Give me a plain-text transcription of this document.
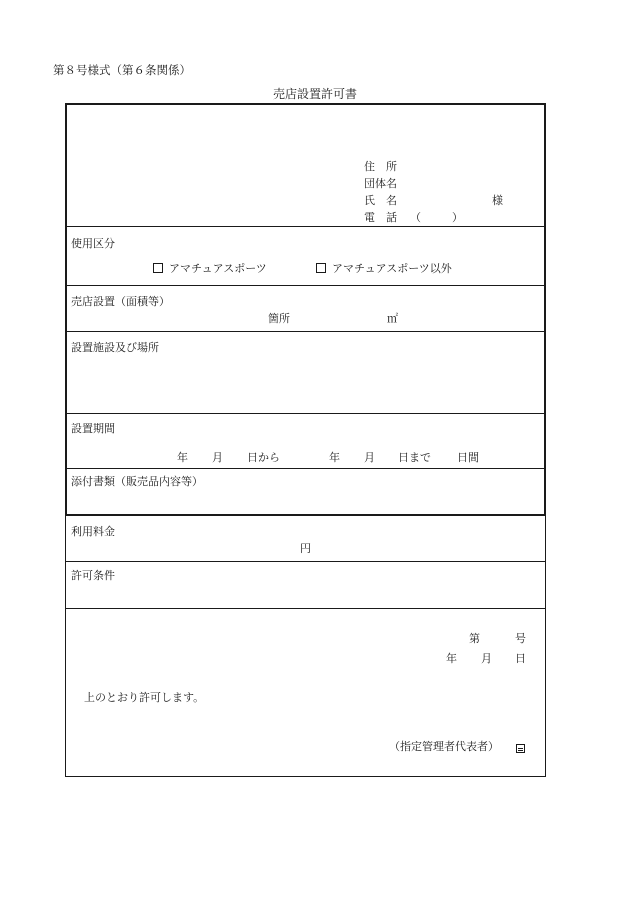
第８号様式（第６条関係）
売店設置許可書
住　所
団体名
氏　名	様
電　話 （	）
使用区分
アマチュアスポーツ	アマチュアスポーツ以外
売店設置（面積等）
箇所	㎡
設置施設及び場所
設置期間
年 月 日から	年 月 日まで 日間
添付書類（販売品内容等）
利用料金
円
許可条件
第	号
年 月 日
上のとおり許可します。
（指定管理者代表者）
